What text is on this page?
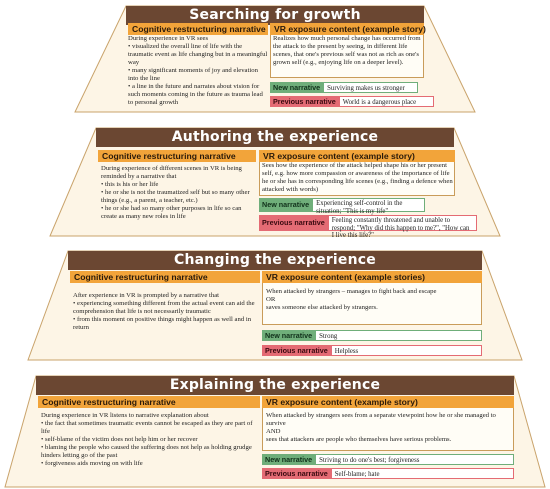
Searching for growth
Cognitive restructuring narrative
During experience in VR sees
• visualized the overall line of life with the traumatic event as life changing but in a meaningful way
• many significant moments of joy and elevation into the line
• a line in the future and narrates about vision for such moments coming in the future as trauma lead to personal growth
VR exposure content (example story)
Realizes how much personal change has occurred from the attack to the present by seeing, in different life scenes, that one's previous self was not as rich as one's grown self (e.g., enjoying life on a deeper level).
New narrative	Surviving makes us stronger
Previous narrative	World is a dangerous place
Authoring the experience
Cognitive restructuring narrative
During experience of different scenes in VR is being reminded by a narrative that
• this is his or her life
• he or she is not the traumatized self but so many other things (e.g., a parent, a teacher, etc.)
• he or she had so many other purposes in life so can create as many new roles in life
VR exposure content (example story)
Sees how the experience of the attack helped shape his or her present self, e.g. how more compassion or awareness of the importance of life he or she has in corresponding life scenes (e.g., finding a defence when attacked with words)
New narrative	Experiencing self-control in the situation; "This is my life"
Previous narrative	Feeling constantly threatened and unable to respond; "Why did this happen to me?", "How can I live this life?"
Changing the experience
Cognitive restructuring narrative
After experience in VR is prompted by a narrative that
• experiencing something different from the actual event can aid the comprehension that life is not necessarily traumatic
• from this moment on positive things might happen as well and in return
VR exposure content (example stories)
When attacked by strangers – manages to fight back and escape
OR
saves someone else attacked by strangers.
New narrative	Strong
Previous narrative	Helpless
Explaining the experience
Cognitive restructuring narrative
During experience in VR listens to narrative explanation about
• the fact that sometimes traumatic events cannot be escaped as they are part of life
• self-blame of the victim does not help him or her recover
• blaming the people who caused the suffering does not help as holding grudge hinders letting go of the past
• forgiveness aids moving on with life
VR exposure content (example story)
When attacked by strangers sees from a separate viewpoint how he or she managed to survive
AND
sees that attackers are people who themselves have serious problems.
New narrative	Striving to do one's best; forgiveness
Previous narrative	Self-blame; hate
